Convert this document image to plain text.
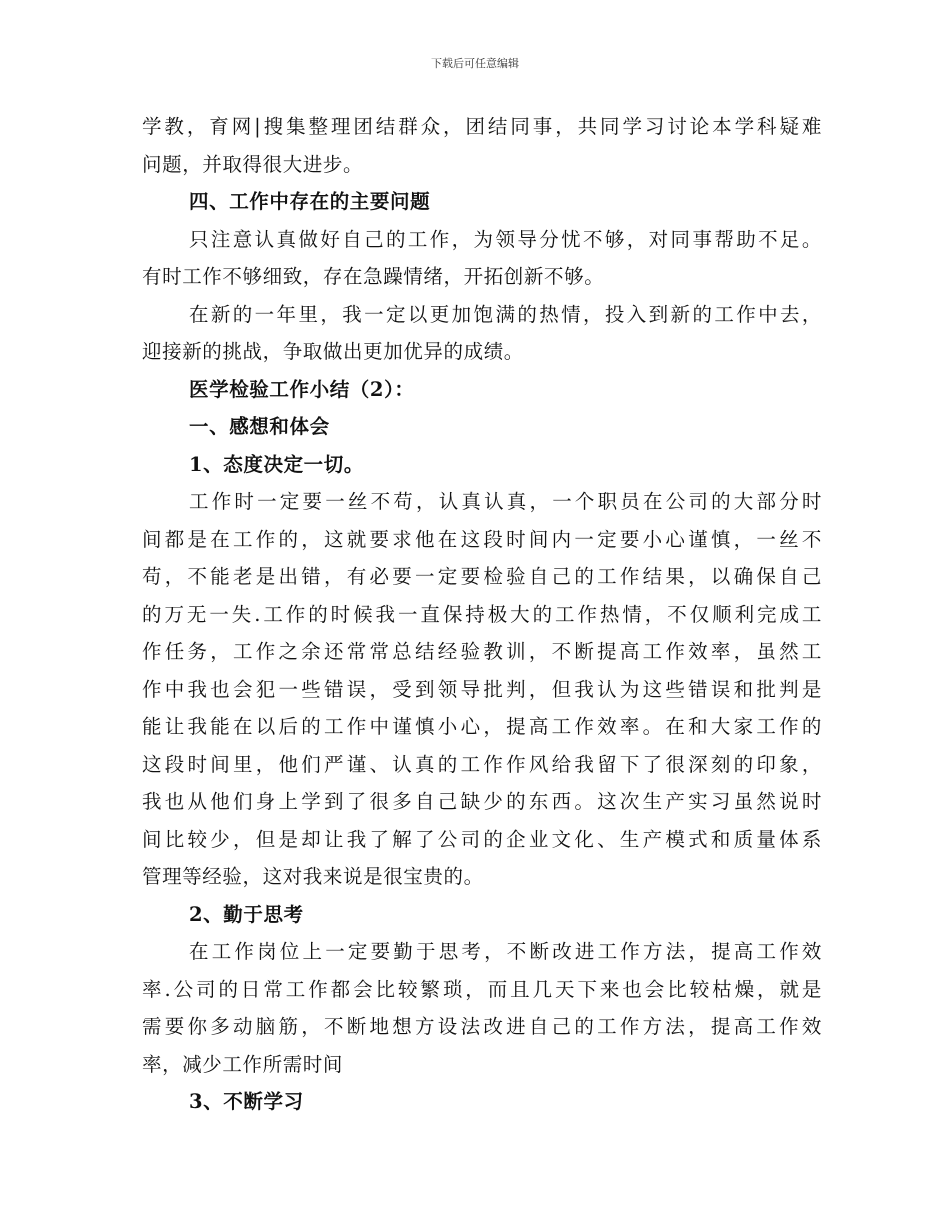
下载后可任意编辑
学教，育网|搜集整理团结群众，团结同事，共同学习讨论本学科疑难
问题，并取得很大进步。
四、工作中存在的主要问题
只注意认真做好自己的工作，为领导分忧不够，对同事帮助不足。
有时工作不够细致，存在急躁情绪，开拓创新不够。
在新的一年里，我一定以更加饱满的热情，投入到新的工作中去，
迎接新的挑战，争取做出更加优异的成绩。
医学检验工作小结（2）：
一、感想和体会
1、态度决定一切。
工作时一定要一丝不苟，认真认真，一个职员在公司的大部分时
间都是在工作的，这就要求他在这段时间内一定要小心谨慎，一丝不
苟，不能老是出错，有必要一定要检验自己的工作结果，以确保自己
的万无一失.工作的时候我一直保持极大的工作热情，不仅顺利完成工
作任务，工作之余还常常总结经验教训，不断提高工作效率，虽然工
作中我也会犯一些错误，受到领导批判，但我认为这些错误和批判是
能让我能在以后的工作中谨慎小心，提高工作效率。在和大家工作的
这段时间里，他们严谨、认真的工作作风给我留下了很深刻的印象，
我也从他们身上学到了很多自己缺少的东西。这次生产实习虽然说时
间比较少，但是却让我了解了公司的企业文化、生产模式和质量体系
管理等经验，这对我来说是很宝贵的。
2、勤于思考
在工作岗位上一定要勤于思考，不断改进工作方法，提高工作效
率.公司的日常工作都会比较繁琐，而且几天下来也会比较枯燥，就是
需要你多动脑筋，不断地想方设法改进自己的工作方法，提高工作效
率，减少工作所需时间
3、不断学习
